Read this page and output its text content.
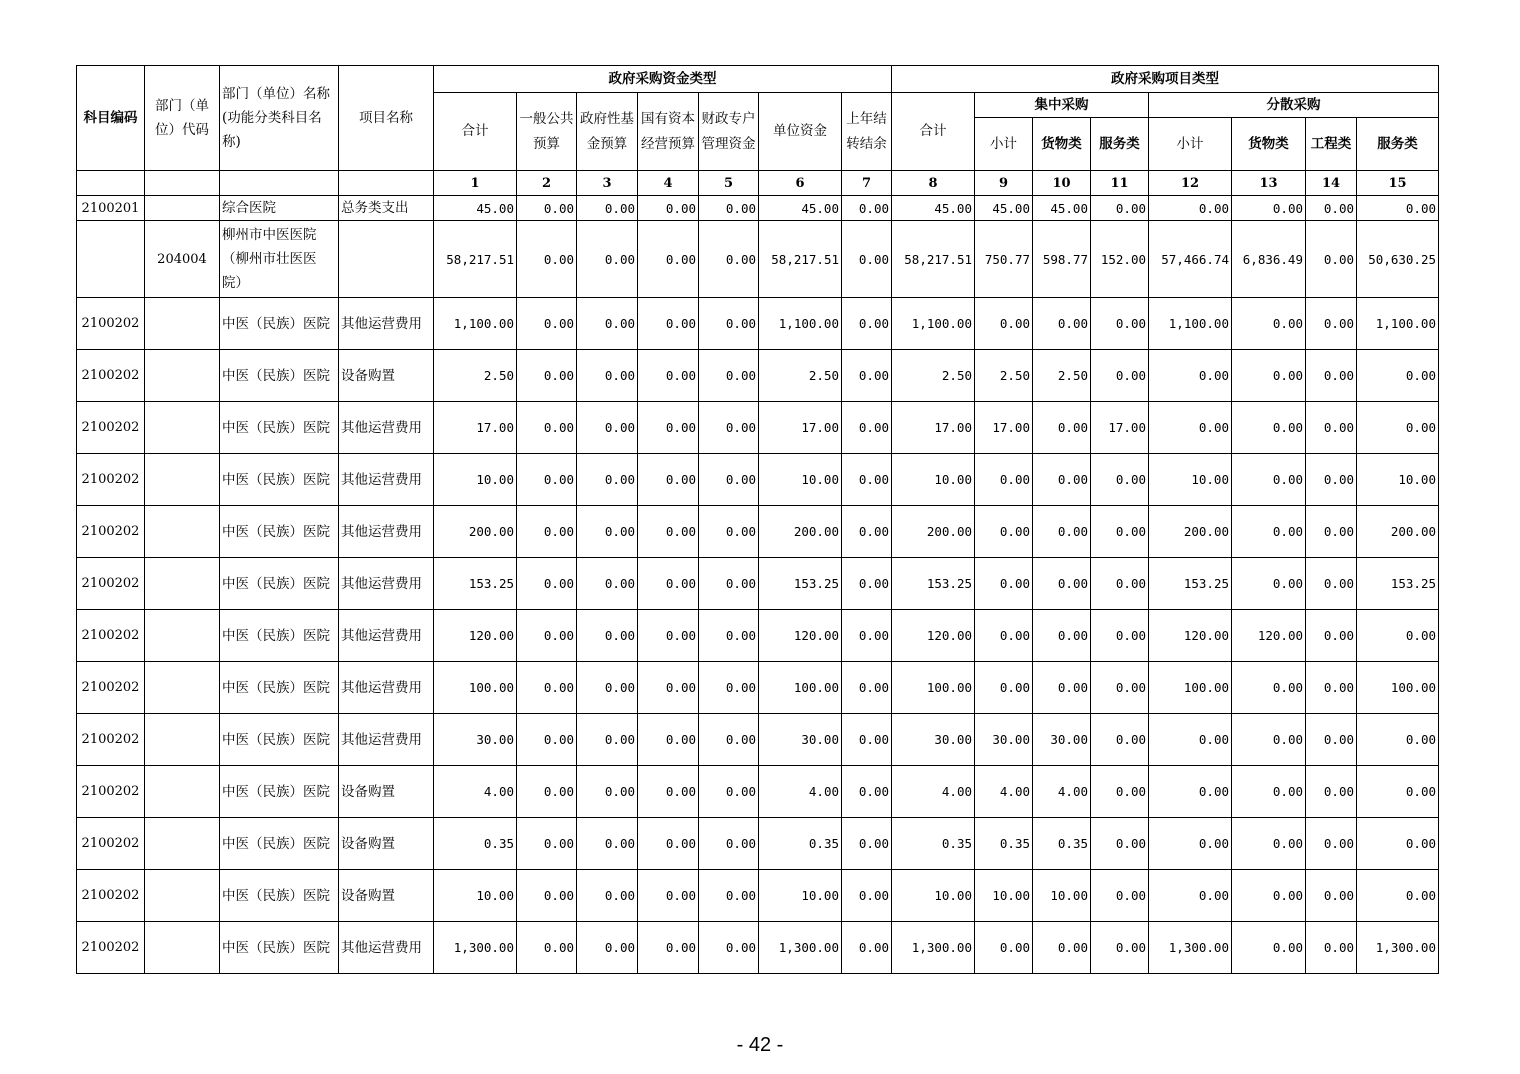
科目编码	部门（单位）代码	部门（单位）名称(功能分类科目名称)	项目名称	政府采购资金类型							政府采购项目类型							
				合计	一般公共预算	政府性基金预算	国有资本经营预算	财政专户管理资金	单位资金	上年结转结余	合计	集中采购			分散采购			
												小计	货物类	服务类	小计	货物类	工程类	服务类
				1	2	3	4	5	6	7	8	9	10	11	12	13	14	15
2100201		综合医院	总务类支出	45.00	0.00	0.00	0.00	0.00	45.00	0.00	45.00	45.00	45.00	0.00	0.00	0.00	0.00	0.00
	204004	柳州市中医医院（柳州市壮医医院）		58,217.51	0.00	0.00	0.00	0.00	58,217.51	0.00	58,217.51	750.77	598.77	152.00	57,466.74	6,836.49	0.00	50,630.25
2100202		中医（民族）医院	其他运营费用	1,100.00	0.00	0.00	0.00	0.00	1,100.00	0.00	1,100.00	0.00	0.00	0.00	1,100.00	0.00	0.00	1,100.00
2100202		中医（民族）医院	设备购置	2.50	0.00	0.00	0.00	0.00	2.50	0.00	2.50	2.50	2.50	0.00	0.00	0.00	0.00	0.00
2100202		中医（民族）医院	其他运营费用	17.00	0.00	0.00	0.00	0.00	17.00	0.00	17.00	17.00	0.00	17.00	0.00	0.00	0.00	0.00
2100202		中医（民族）医院	其他运营费用	10.00	0.00	0.00	0.00	0.00	10.00	0.00	10.00	0.00	0.00	0.00	10.00	0.00	0.00	10.00
2100202		中医（民族）医院	其他运营费用	200.00	0.00	0.00	0.00	0.00	200.00	0.00	200.00	0.00	0.00	0.00	200.00	0.00	0.00	200.00
2100202		中医（民族）医院	其他运营费用	153.25	0.00	0.00	0.00	0.00	153.25	0.00	153.25	0.00	0.00	0.00	153.25	0.00	0.00	153.25
2100202		中医（民族）医院	其他运营费用	120.00	0.00	0.00	0.00	0.00	120.00	0.00	120.00	0.00	0.00	0.00	120.00	120.00	0.00	0.00
2100202		中医（民族）医院	其他运营费用	100.00	0.00	0.00	0.00	0.00	100.00	0.00	100.00	0.00	0.00	0.00	100.00	0.00	0.00	100.00
2100202		中医（民族）医院	其他运营费用	30.00	0.00	0.00	0.00	0.00	30.00	0.00	30.00	30.00	30.00	0.00	0.00	0.00	0.00	0.00
2100202		中医（民族）医院	设备购置	4.00	0.00	0.00	0.00	0.00	4.00	0.00	4.00	4.00	4.00	0.00	0.00	0.00	0.00	0.00
2100202		中医（民族）医院	设备购置	0.35	0.00	0.00	0.00	0.00	0.35	0.00	0.35	0.35	0.35	0.00	0.00	0.00	0.00	0.00
2100202		中医（民族）医院	设备购置	10.00	0.00	0.00	0.00	0.00	10.00	0.00	10.00	10.00	10.00	0.00	0.00	0.00	0.00	0.00
2100202		中医（民族）医院	其他运营费用	1,300.00	0.00	0.00	0.00	0.00	1,300.00	0.00	1,300.00	0.00	0.00	0.00	1,300.00	0.00	0.00	1,300.00
- 42 -
